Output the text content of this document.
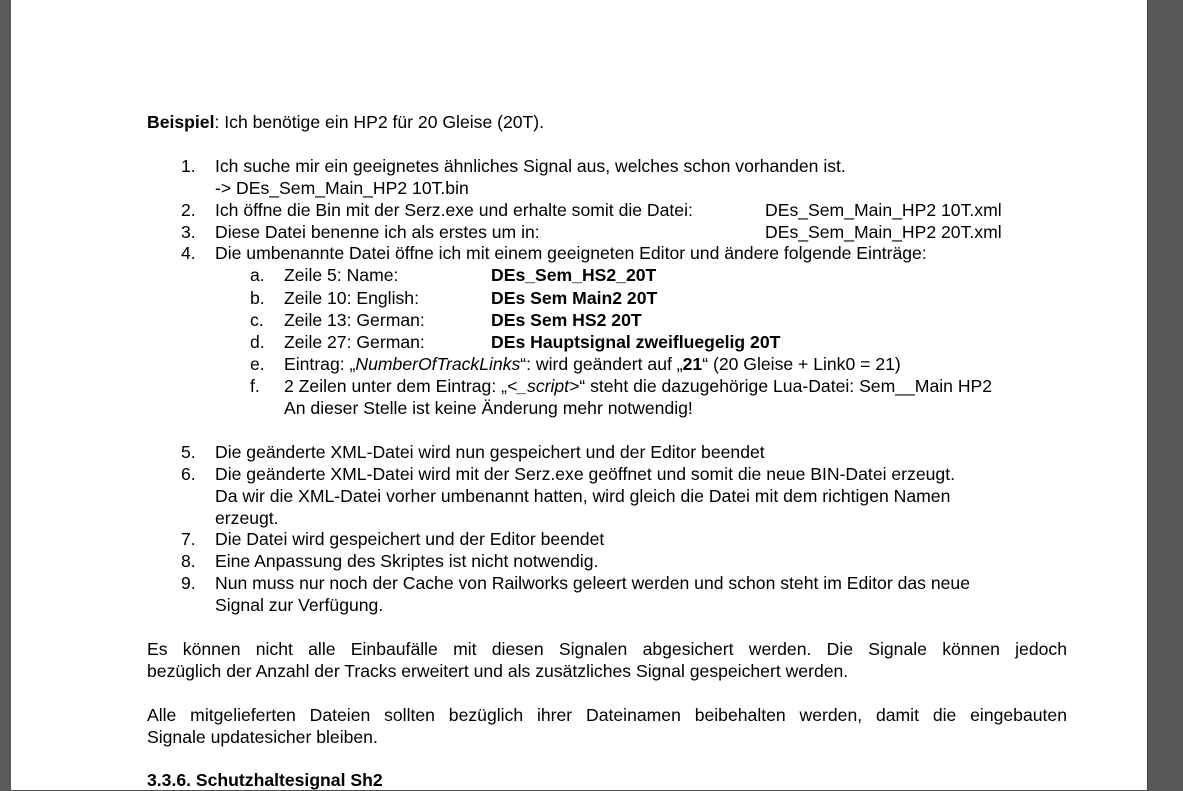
Beispiel: Ich benötige ein HP2 für 20 Gleise (20T).
1. Ich suche mir ein geeignetes ähnliches Signal aus, welches schon vorhanden ist.
-> DEs_Sem_Main_HP2 10T.bin
2. Ich öffne die Bin mit der Serz.exe und erhalte somit die Datei:	DEs_Sem_Main_HP2 10T.xml
3. Diese Datei benenne ich als erstes um in:	DEs_Sem_Main_HP2 20T.xml
4. Die umbenannte Datei öffne ich mit einem geeigneten Editor und ändere folgende Einträge:
a. Zeile 5: Name:	DEs_Sem_HS2_20T
b. Zeile 10: English:	DEs Sem Main2 20T
c. Zeile 13: German:	DEs Sem HS2 20T
d. Zeile 27: German:	DEs Hauptsignal zweifluegelig 20T
e. Eintrag: „NumberOfTrackLinks“: wird geändert auf „21“ (20 Gleise + Link0 = 21)
f. 2 Zeilen unter dem Eintrag: „<_script>“ steht die dazugehörige Lua-Datei: Sem__Main HP2
An dieser Stelle ist keine Änderung mehr notwendig!
5. Die geänderte XML-Datei wird nun gespeichert und der Editor beendet
6. Die geänderte XML-Datei wird mit der Serz.exe geöffnet und somit die neue BIN-Datei erzeugt.
Da wir die XML-Datei vorher umbenannt hatten, wird gleich die Datei mit dem richtigen Namen
erzeugt.
7. Die Datei wird gespeichert und der Editor beendet
8. Eine Anpassung des Skriptes ist nicht notwendig.
9. Nun muss nur noch der Cache von Railworks geleert werden und schon steht im Editor das neue
Signal zur Verfügung.
Es können nicht alle Einbaufälle mit diesen Signalen abgesichert werden. Die Signale können jedoch
bezüglich der Anzahl der Tracks erweitert und als zusätzliches Signal gespeichert werden.
Alle mitgelieferten Dateien sollten bezüglich ihrer Dateinamen beibehalten werden, damit die eingebauten
Signale updatesicher bleiben.
3.3.6. Schutzhaltesignal Sh2
